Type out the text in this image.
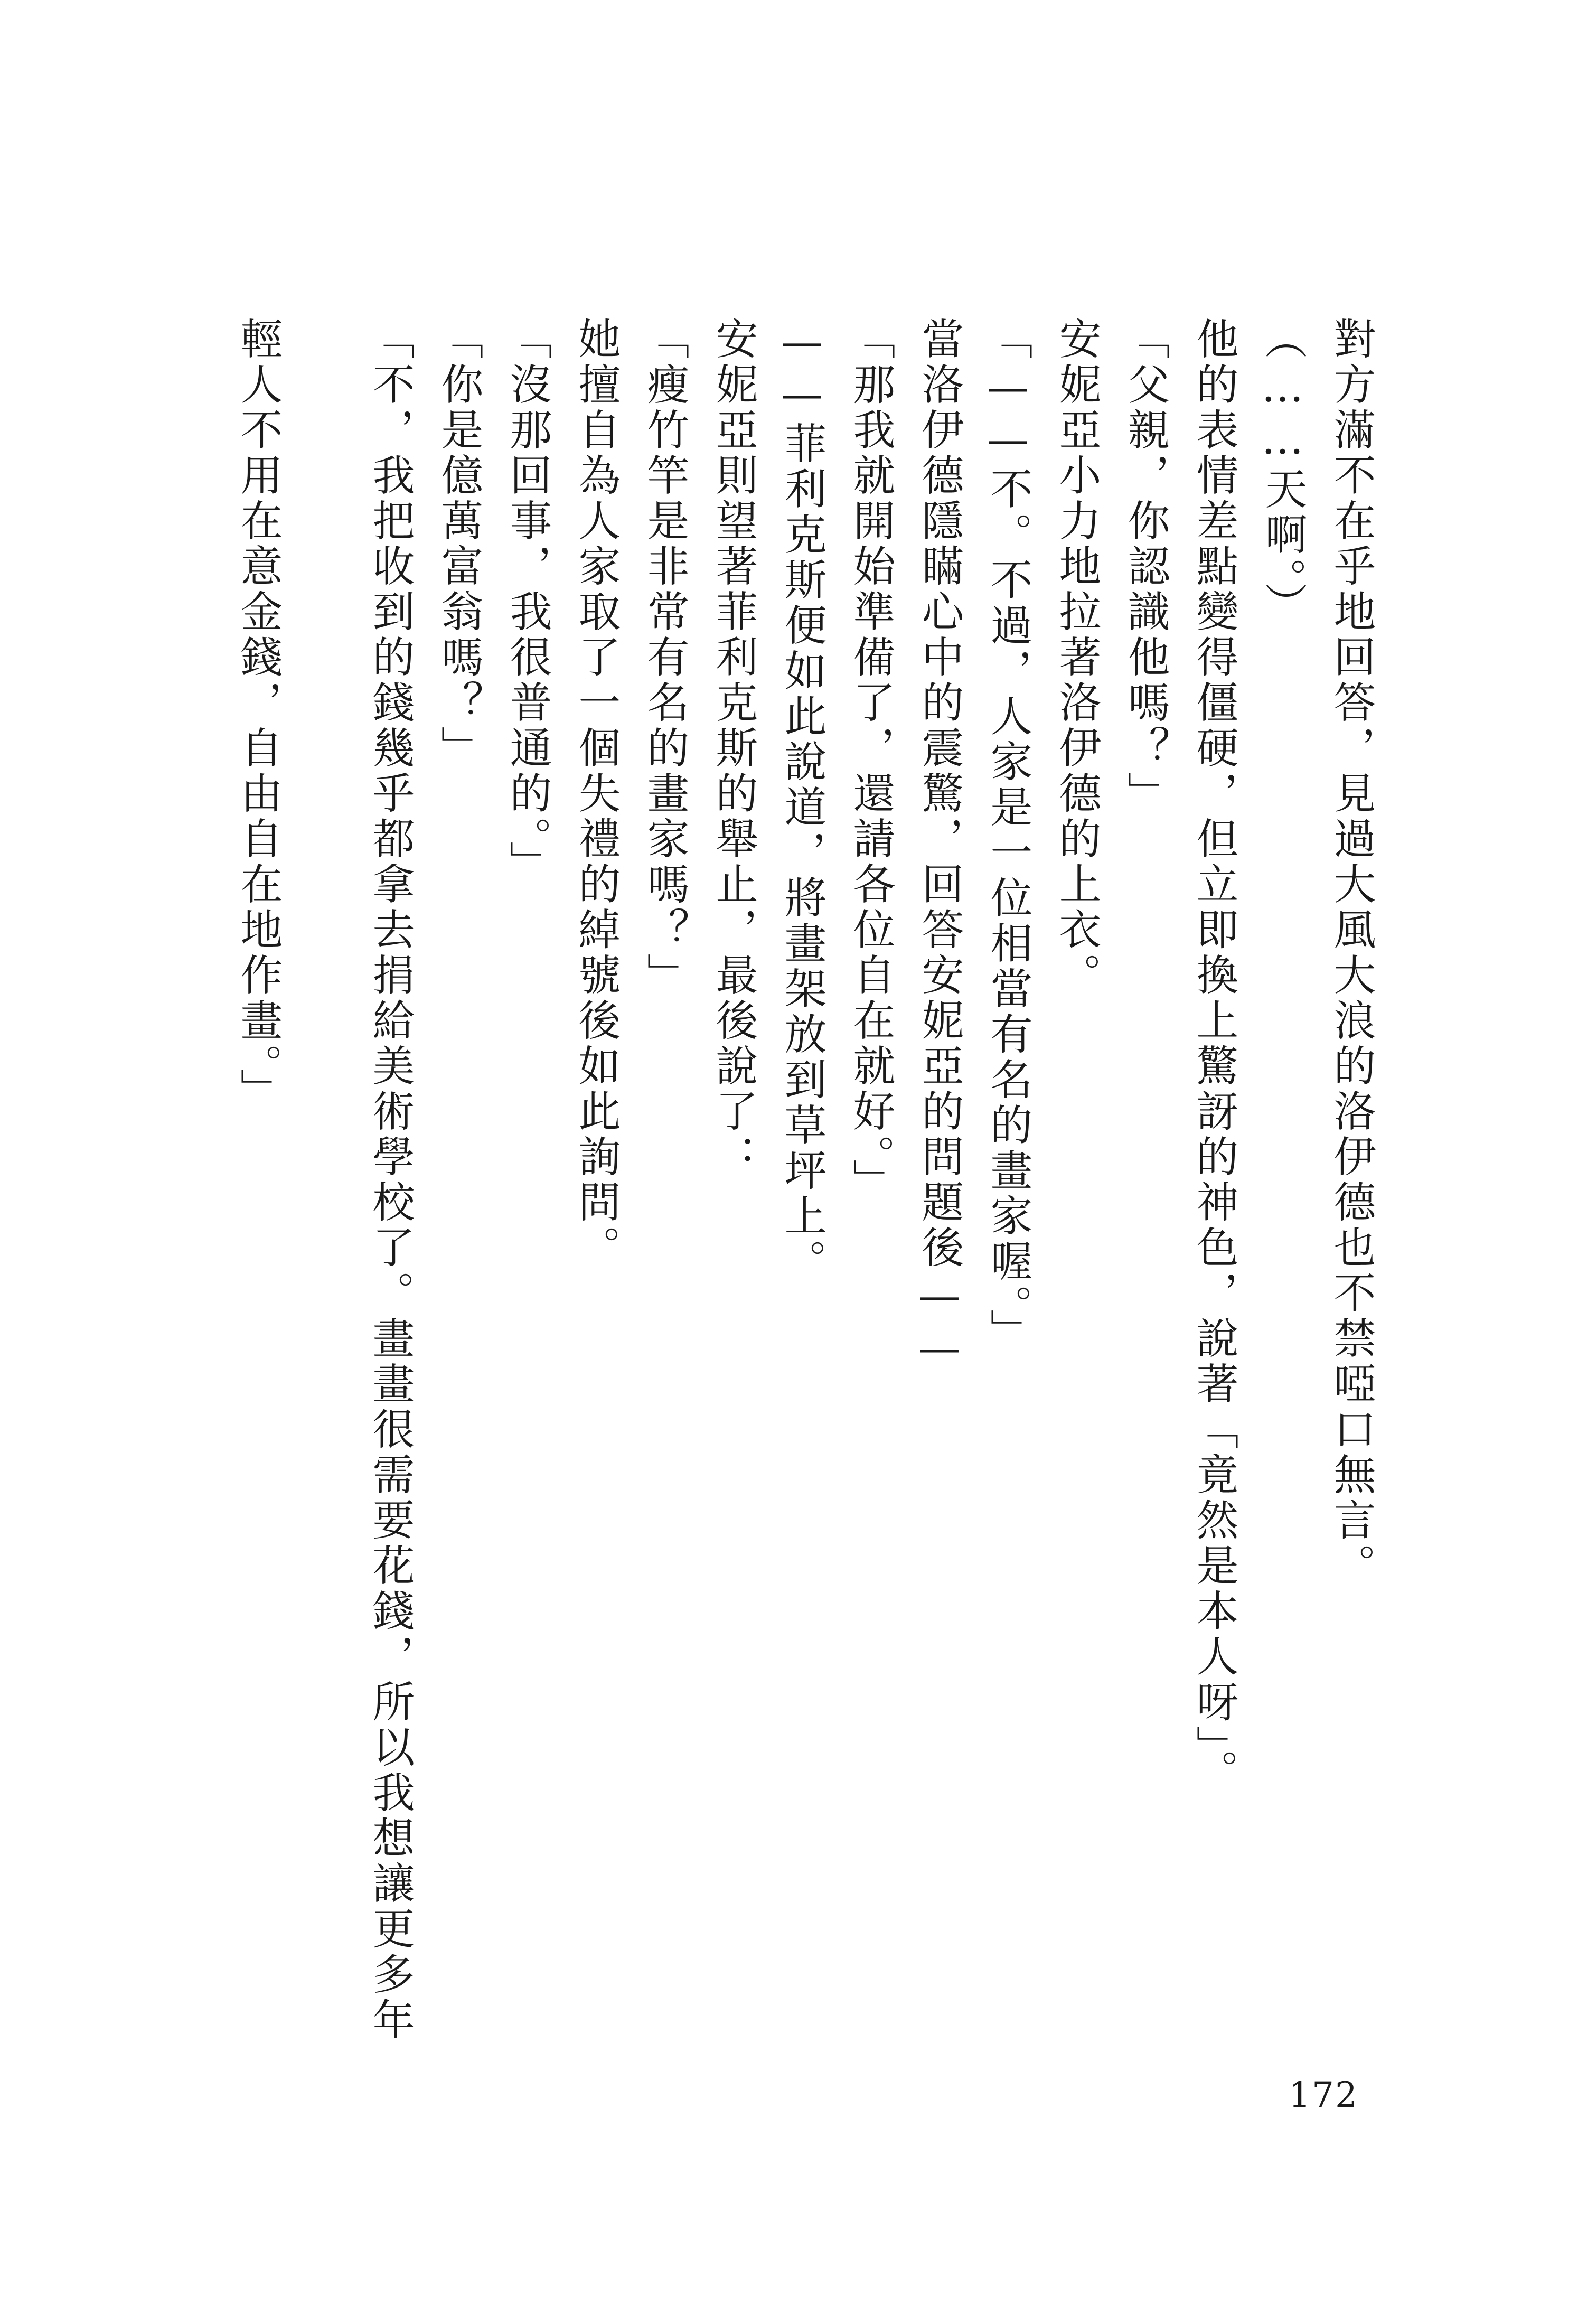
對方滿不在乎地回答，見過大風大浪的洛伊德也不禁啞口無言。
（……天啊。）
他的表情差點變得僵硬，但立即換上驚訝的神色，說著「竟然是本人呀」。
「父親，你認識他嗎？」
安妮亞小力地拉著洛伊德的上衣。
「——不。不過，人家是一位相當有名的畫家喔。」
當洛伊德隱瞞心中的震驚，回答安妮亞的問題後——
「那我就開始準備了，還請各位自在就好。」
——菲利克斯便如此說道，將畫架放到草坪上。
安妮亞則望著菲利克斯的舉止，最後說了：
「瘦竹竿是非常有名的畫家嗎？」
她擅自為人家取了一個失禮的綽號後如此詢問。
「沒那回事，我很普通的。」
「你是億萬富翁嗎？」
「不，我把收到的錢幾乎都拿去捐給美術學校了。畫畫很需要花錢，所以我想讓更多年
輕人不用在意金錢，自由自在地作畫。」
172
